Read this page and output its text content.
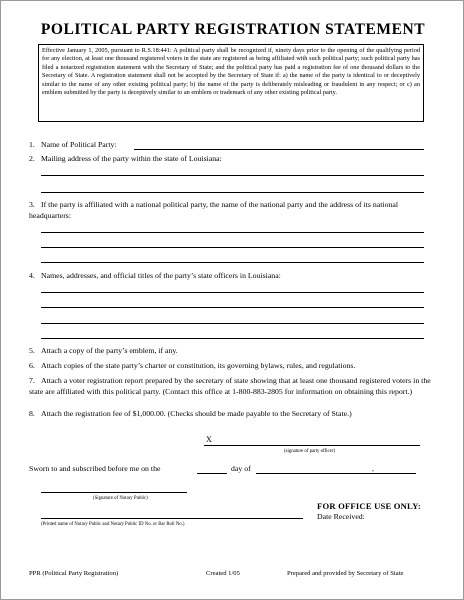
POLITICAL PARTY REGISTRATION STATEMENT
Effective January 1, 2005, pursuant to R.S.18:441: A political party shall be recognized if, ninety days prior to the opening of the qualifying period for any election, at least one thousand registered voters in the state are registered as being affiliated with such political party; such political party has filed a notarized registration statement with the Secretary of State; and the political party has paid a registration fee of one thousand dollars to the Secretary of State. A registration statement shall not be accepted by the Secretary of State if: a) the name of the party is identical to or deceptively similar to the name of any other existing political party; b) the name of the party is deliberately misleading or fraudulent in any respect; or c) an emblem submitted by the party is deceptively similar to an emblem or trademark of any other existing political party.
1. Name of Political Party:
2. Mailing address of the party within the state of Louisiana:
3. If the party is affiliated with a national political party, the name of the national party and the address of its national headquarters:
4. Names, addresses, and official titles of the party’s state officers in Louisiana:
5. Attach a copy of the party’s emblem, if any.
6. Attach copies of the state party’s charter or constitution, its governing bylaws, rules, and regulations.
7. Attach a voter registration report prepared by the secretary of state showing that at least one thousand registered voters in the state are affiliated with this political party. (Contact this office at 1-800-883-2805 for information on obtaining this report.)
8. Attach the registration fee of $1,000.00. (Checks should be made payable to the Secretary of State.)
X
(signature of party officer)
Sworn to and subscribed before me on the	day of	,
(Signature of Notary Public)
FOR OFFICE USE ONLY:
Date Received:
(Printed name of Notary Public and Notary Public ID No. or Bar Roll No.)
PPR (Political Party Registration)	Created 1/05	Prepared and provided by Secretary of State
